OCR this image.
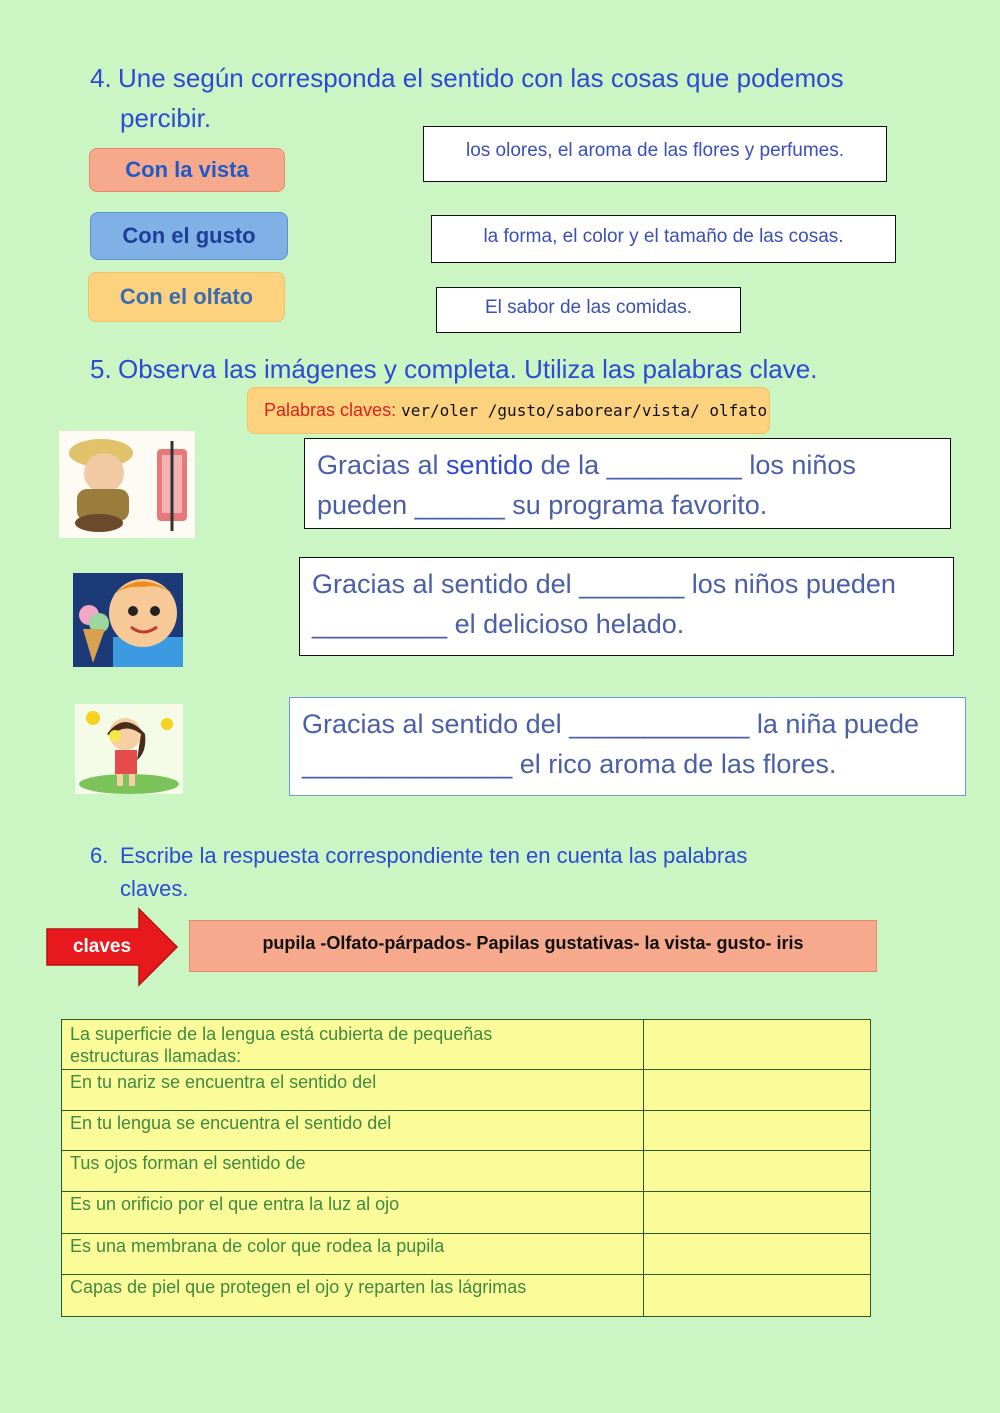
4. Une según corresponda el sentido con las cosas que podemos
percibir.
Con la vista
Con el gusto
Con el olfato
los olores, el aroma de las flores y perfumes.
la forma, el color y el tamaño de las cosas.
El sabor de las comidas.
5. Observa las imágenes y completa. Utiliza las palabras clave.
Palabras claves: ver/oler /gusto/saborear/vista/ olfato
Gracias al sentido de la _________ los niños
pueden ______ su programa favorito.
Gracias al sentido del _______ los niños pueden
_________ el delicioso helado.
Gracias al sentido del ____________ la niña puede
______________ el rico aroma de las flores.
6. Escribe la respuesta correspondiente ten en cuenta las palabras
claves.
claves	pupila -Olfato-párpados- Papilas gustativas- la vista- gusto- iris
La superficie de la lengua está cubierta de pequeñas
estructuras llamadas:	

En tu nariz se encuentra el sentido del	

En tu lengua se encuentra el sentido del	

Tus ojos forman el sentido de	

Es un orificio por el que entra la luz al ojo	

Es una membrana de color que rodea la pupila	

Capas de piel que protegen el ojo y reparten las lágrimas	
